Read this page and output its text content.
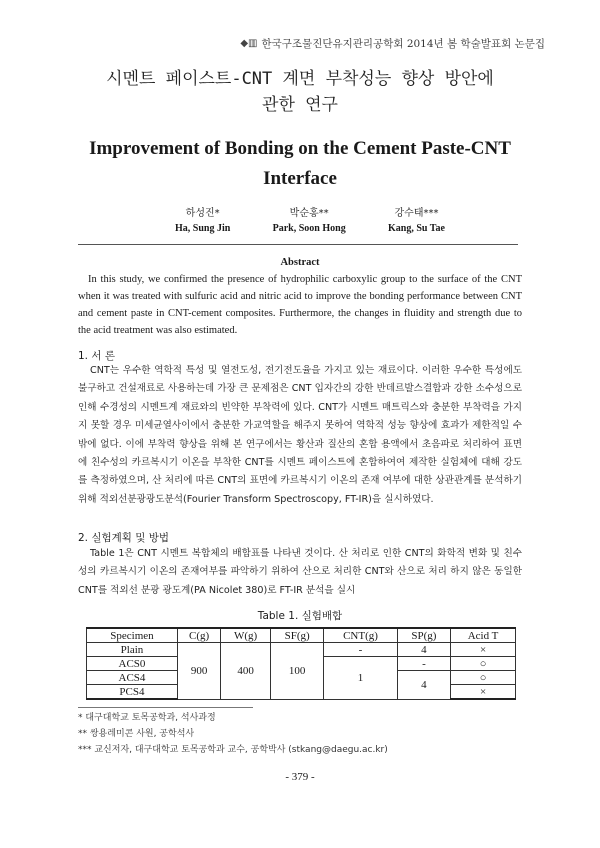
◆▥ 한국구조물진단유지관리공학회 2014년 봄 학술발표회 논문집
시멘트 페이스트-CNT 계면 부착성능 향상 방안에
관한 연구
Improvement of Bonding on the Cement Paste-CNT
Interface
하성진*
Ha, Sung Jin
박순홍**
Park, Soon Hong
강수태***
Kang, Su Tae
Abstract
In this study, we confirmed the presence of hydrophilic carboxylic group to the surface of the CNT when it was treated with sulfuric acid and nitric acid to improve the bonding performance between CNT and cement paste in CNT-cement composites. Furthermore, the changes in fluidity and strength due to the acid treatment was also estimated.
1. 서 론
CNT는 우수한 역학적 특성 및 열전도성, 전기전도율을 가지고 있는 재료이다. 이러한 우수한 특성에도 불구하고 건설재료로 사용하는데 가장 큰 문제점은 CNT 입자간의 강한 반데르발스결합과 강한 소수성으로 인해 수경성의 시멘트계 재료와의 빈약한 부착력에 있다. CNT가 시멘트 매트릭스와 충분한 부착력을 가지지 못할 경우 미세균열사이에서 충분한 가교역할을 해주지 못하여 역학적 성능 향상에 효과가 제한적일 수 밖에 없다. 이에 부착력 향상을 위해 본 연구에서는 황산과 질산의 혼합 용액에서 초음파로 처리하여 표면에 친수성의 카르복시기 이온을 부착한 CNT를 시멘트 페이스트에 혼합하여여 제작한 실험체에 대해 강도를 측정하였으며, 산 처리에 따른 CNT의 표면에 카르복시기 이온의 존재 여부에 대한 상관관계를 분석하기 위해 적외선분광광도분석(Fourier Transform Spectroscopy, FT-IR)을 실시하였다.
2. 실험계획 및 방법
Table 1은 CNT 시멘트 복합체의 배합표를 나타낸 것이다. 산 처리로 인한 CNT의 화학적 변화 및 친수성의 카르복시기 이온의 존재여부를 파악하기 위하여 산으로 처리한 CNT와 산으로 처리 하지 않은 동일한 CNT를 적외선 분광 광도계(PA Nicolet 380)로 FT-IR 분석을 실시
Table 1. 실험배합
Specimen	C(g)	W(g)	SF(g)	CNT(g)	SP(g)	Acid T
Plain	900	400	100	-	4	×
ACS0				1	-	○
ACS4					4	○
PCS4						×
* 대구대학교 토목공학과, 석사과정
** 쌍용레미콘 사원, 공학석사
*** 교신저자, 대구대학교 토목공학과 교수, 공학박사 (stkang@daegu.ac.kr)
- 379 -
